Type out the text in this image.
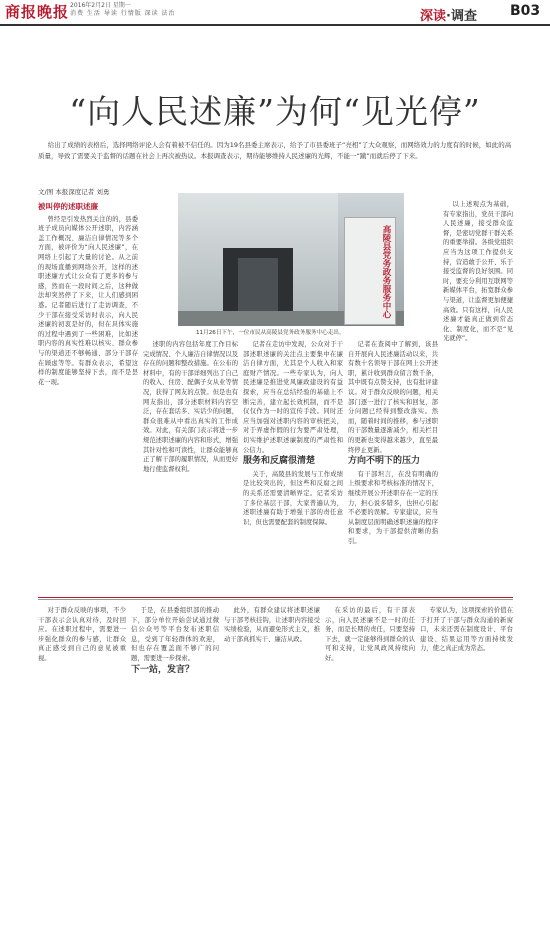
商报晚报 2016年2月2日 星期一
消费 生活 导读 行情版 深读 法治	深读·调查 B03
“向人民述廉”为何“见光停”

给出了成绩的表格后，选择网络评论人会有着被不信任的。因为19名县委主席表示，给予了市县委班子“亮相”了大众观察，而网络效力的力度有的时候，如此的高质量，导致了需要关于监督的话题在社会上再次被热议。本报调查表示，期待能够维持人民述廉的光辉，不能一“蹴”而就后停了下来。

文/图 本报深度记者 刘勇
被叫停的述职述廉

曾经是引发热烈关注的的，县委班子成员向媒体公开述职，内容涵盖工作概况、廉洁自律情况等多个方面，被评价为“向人民述廉”，在网络上引起了大量的讨论。从之前的现场直播到网络公开，这样的述职述廉方式让公众有了更多的参与感，然而在一段时间之后，这种做法却突然停了下来，让人们感到困惑。记者随后进行了走访调查，不少干部在接受采访时表示，向人民述廉的初衷是好的，但在具体实施的过程中遇到了一些困难，比如述职内容的真实性难以核实、群众参与的渠道还不够畅通、部分干部存在顾虑等等。有群众表示，希望这样的制度能够坚持下去，而不是昙花一现。

述职的内容包括年度工作目标完成情况、个人廉洁自律情况以及存在的问题和整改措施。在公布的材料中，有的干部详细列出了自己的收入、住房、配偶子女从业等情况，获得了网友的点赞。但是也有网友指出，部分述职材料内容空泛，存在套话多、实话少的问题，群众很难从中看出真实的工作成效。对此，有关部门表示将进一步规范述职述廉的内容和形式，增强其针对性和可读性，让群众能够真正了解干部的履职情况，从而更好地行使监督权利。

记者在走访中发现，公众对于干部述职述廉的关注点主要集中在廉洁自律方面，尤其是个人收入和家庭财产情况。一些专家认为，向人民述廉是推进党风廉政建设的有益探索，应当在总结经验的基础上不断完善，建立起长效机制，而不是仅仅作为一时的宣传手段。同时还应当加强对述职内容的审核把关，对于弄虚作假的行为要严肃处理，切实维护述职述廉制度的严肃性和公信力。

服务和反腐很清楚

关于，高陵县的发展与工作成绩是比较突出的，但这些和反腐之间的关系还需要清晰界定。记者采访了多位基层干部，大家普遍认为，述职述廉有助于增强干部的责任意识，但也需要配套的制度保障。

记者在查阅中了解到，该县自开展向人民述廉活动以来，共有数十名领导干部在网上公开述职，累计收到群众留言数千条，其中既有点赞支持，也有批评建议。对于群众反映的问题，相关部门逐一进行了核实和回复，部分问题已经得到整改落实。然而，随着时间的推移，参与述职的干部数量逐渐减少，相关栏目的更新也变得越来越少，直至最终停止更新。

方向不明下的压力

有干部坦言，在没有明确的上级要求和考核标准的情况下，继续开展公开述职存在一定的压力，担心说多错多，也担心引起不必要的误解。专家建议，应当从制度层面明确述职述廉的程序和要求，为干部提供清晰的指引。

以上述观点为基础，有专家指出，党员干部向人民述廉，接受群众监督，是密切党群干群关系的重要举措。各级党组织应当为这项工作提供支持，营造敢于公开、乐于接受监督的良好氛围。同时，要充分利用互联网等新媒体平台，拓宽群众参与渠道，让监督更加便捷高效。只有这样，向人民述廉才能真正做到常态化、制度化，而不是“见光就停”。

高陵县党务政务服务中心
11月26日下午，一位市民从高陵县党务政务服务中心走出。

对于群众反映的事项，不少干部表示会认真对待，及时回应。在述职过程中，需要进一步强化群众的参与感，让群众真正感受到自己的意见被重视。

于是，在县委组织部的推动下，部分单位开始尝试通过微信公众号等平台发布述职信息，受到了年轻群体的欢迎，但也存在覆盖面不够广的问题，需要进一步探索。

下一站，发言？

此外，有群众建议将述职述廉与干部考核挂钩，让述职内容接受实绩检验，从而避免形式主义，推动干部真抓实干、廉洁从政。

在采访的最后，有干部表示，向人民述廉不是一时的任务，而是长期的责任，只要坚持下去，就一定能够得到群众的认可和支持，让党风政风持续向好。

专家认为，这项探索的价值在于打开了干部与群众沟通的新窗口，未来还需在制度设计、平台建设、结果运用等方面持续发力，使之真正成为常态。
